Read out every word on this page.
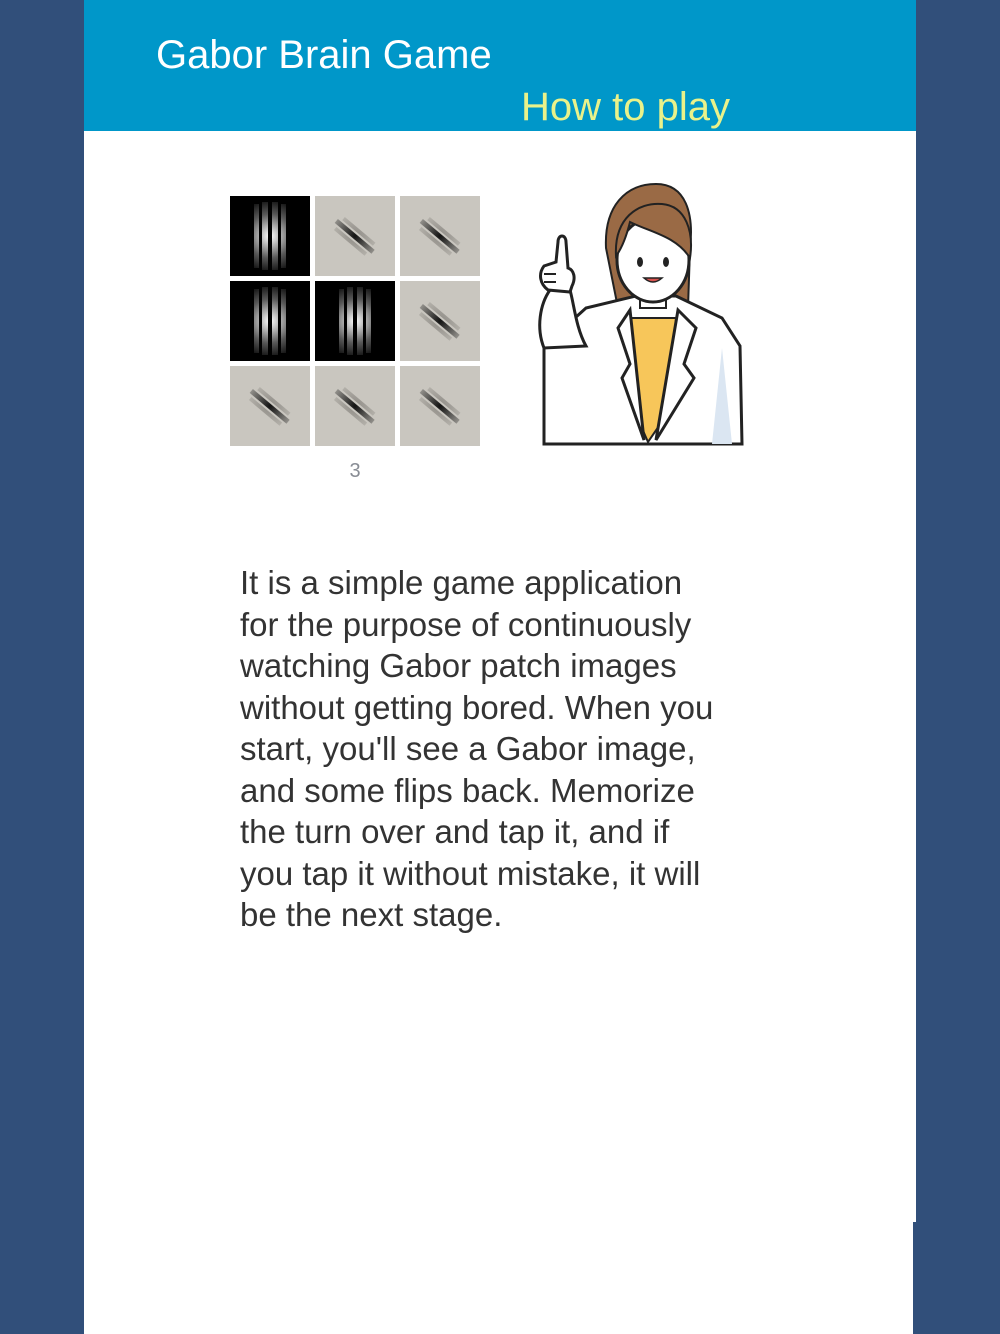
Gabor Brain Game
How to play
3
It is a simple game application
for the purpose of continuously
watching Gabor patch images
without getting bored. When you
start, you'll see a Gabor image,
and some flips back. Memorize
the turn over and tap it, and if
you tap it without mistake, it will
be the next stage.
